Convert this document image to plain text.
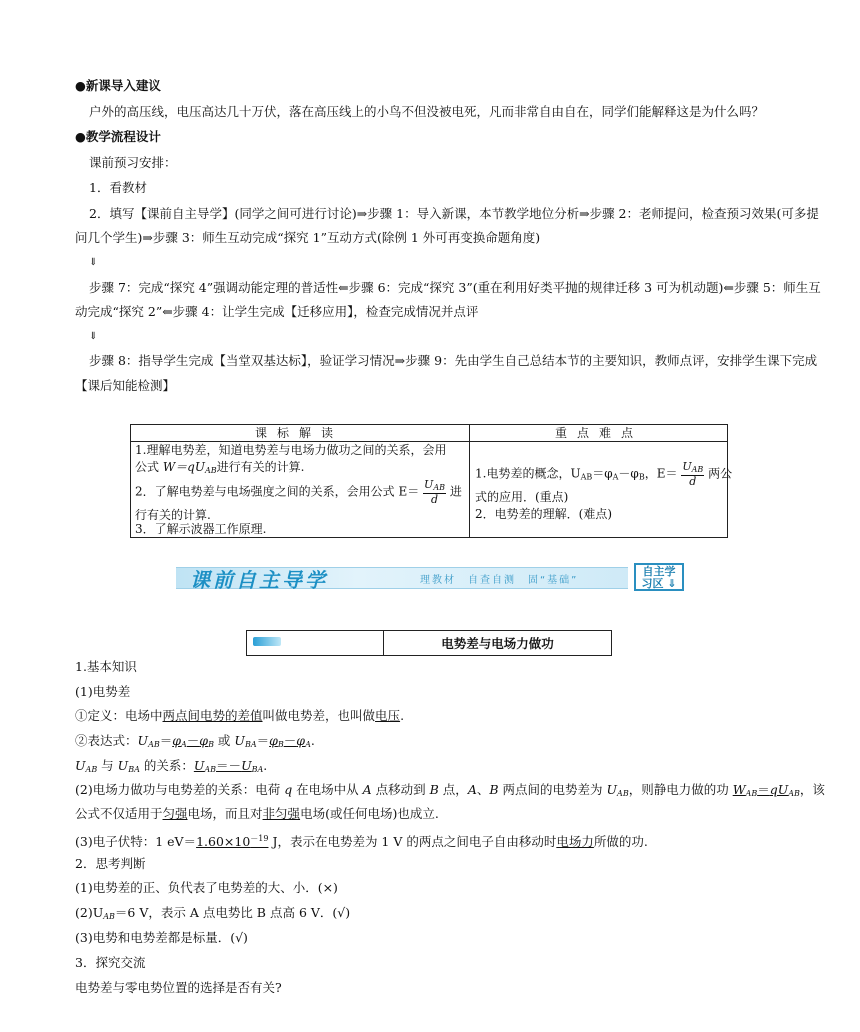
●新课导入建议
户外的高压线，电压高达几十万伏，落在高压线上的小鸟不但没被电死，凡而非常自由自在，同学们能解释这是为什么吗？
●教学流程设计
课前预习安排：
1．看教材
2．填写【课前自主导学】(同学之间可进行讨论)⇒步骤 1：导入新课，本节教学地位分析⇒步骤 2：老师提问，检查预习效果(可多提
问几个学生)⇒步骤 3：师生互动完成“探究 1”互动方式(除例 1 外可再变换命题角度)
⇓
步骤 7：完成“探究 4”强调动能定理的普适性⇐步骤 6：完成“探究 3”(重在利用好类平抛的规律迁移 3 可为机动题)⇐步骤 5：师生互
动完成“探究 2”⇐步骤 4：让学生完成【迁移应用】，检查完成情况并点评
⇓
步骤 8：指导学生完成【当堂双基达标】，验证学习情况⇒步骤 9：先由学生自己总结本节的主要知识，教师点评，安排学生课下完成
【课后知能检测】
课标解读	重点难点
1.理解电势差，知道电势差与电场力做功之间的关系，会用
公式 $W=qU_{AB}$进行有关的计算.
2．了解电势差与电场强度之间的关系，会用公式 $E= \frac{U_{AB}}{d}$ 进
行有关的计算.
3．了解示波器工作原理.
1.电势差的概念，$U_{AB}=\varphi_A-\varphi_B$，$E= \frac{U_{AB}}{d}$ 两公
式的应用．(重点)
2．电势差的理解．(难点)
课前自主导学	理教材　自查自测　固“基础”
自主学
习区 ⇓
电势差与电场力做功
1.基本知识
(1)电势差
①定义：电场中两点间电势的差值叫做电势差，也叫做电压.
②表达式：$U_{AB}=\varphi_A-\varphi_B$ 或 $U_{BA}=\varphi_B-\varphi_A$.
$U_{AB}$ 与 $U_{BA}$ 的关系：$U_{AB}=-U_{BA}$.
(2)电场力做功与电势差的关系：电荷 q 在电场中从 A 点移动到 B 点，A、B 两点间的电势差为 $U_{AB}$，则静电力做的功 $W_{AB}=qU_{AB}$，该
公式不仅适用于匀强电场，而且对非匀强电场(或任何电场)也成立.
(3)电子伏特：1 $eV=1.60\times 10^{-19}$ J，表示在电势差为 1 V 的两点之间电子自由移动时电场力所做的功.
2．思考判断
(1)电势差的正、负代表了电势差的大、小．(×)
$(2)U_{AB}=6$ V，表示 A 点电势比 B 点高 6 V．(√)
(3)电势和电势差都是标量．(√)
3．探究交流
电势差与零电势位置的选择是否有关?
